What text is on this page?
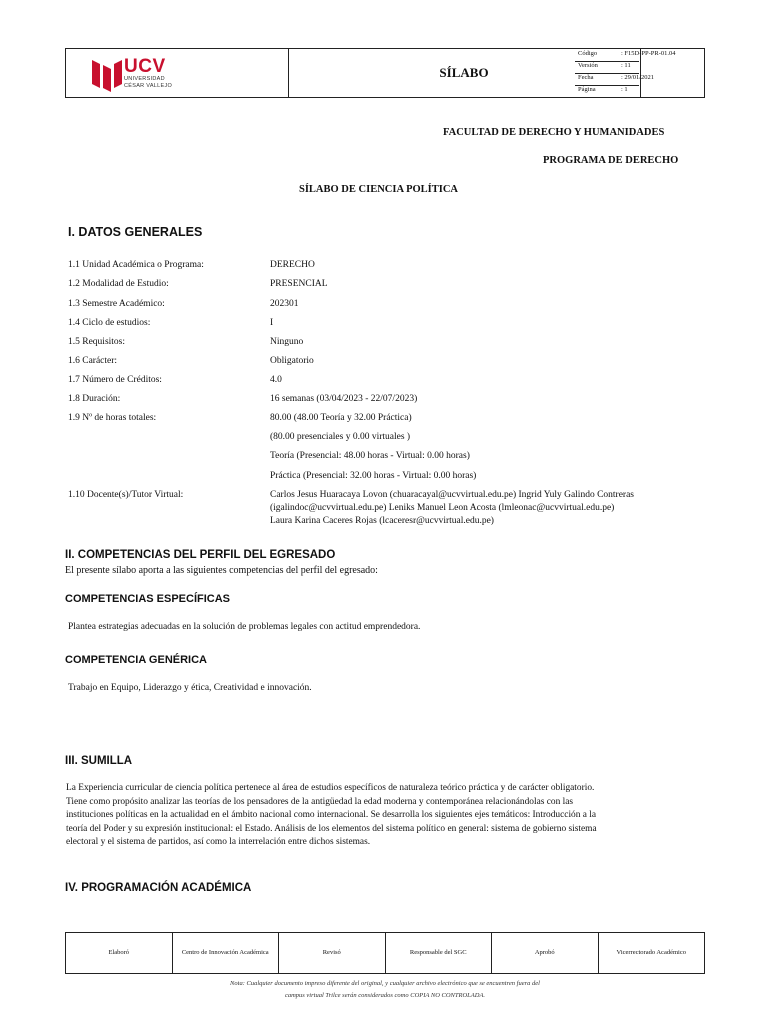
UCV
UNIVERSIDAD
CÉSAR VALLEJO
SÍLABO
Código	: F15D-PP-PR-01.04
Versión	: 11
Fecha	: 29/01/2021
Página	: 1
FACULTAD DE DERECHO Y HUMANIDADES
PROGRAMA DE DERECHO
SÍLABO DE CIENCIA POLÍTICA
I. DATOS GENERALES
1.1 Unidad Académica o Programa:	DERECHO
1.2 Modalidad de Estudio:	PRESENCIAL
1.3 Semestre Académico:	202301
1.4 Ciclo de estudios:	I
1.5 Requisitos:	Ninguno
1.6 Carácter:	Obligatorio
1.7 Número de Créditos:	4.0
1.8 Duración:	16 semanas (03/04/2023 - 22/07/2023)
1.9 Nº de horas totales:	80.00 (48.00 Teoría y 32.00 Práctica)
(80.00 presenciales y 0.00 virtuales )
Teoría (Presencial: 48.00 horas - Virtual: 0.00 horas)
Práctica (Presencial: 32.00 horas - Virtual: 0.00 horas)
1.10 Docente(s)/Tutor Virtual:	Carlos Jesus Huaracaya Lovon (chuaracayal@ucvvirtual.edu.pe) Ingrid Yuly Galindo Contreras
(igalindoc@ucvvirtual.edu.pe) Leniks Manuel Leon Acosta (lmleonac@ucvvirtual.edu.pe)
Laura Karina Caceres Rojas (lcaceresr@ucvvirtual.edu.pe)
II. COMPETENCIAS DEL PERFIL DEL EGRESADO
El presente sílabo aporta a las siguientes competencias del perfil del egresado:
COMPETENCIAS ESPECÍFICAS
Plantea estrategias adecuadas en la solución de problemas legales con actitud emprendedora.
COMPETENCIA GENÉRICA
Trabajo en Equipo, Liderazgo y ética, Creatividad e innovación.
III. SUMILLA
La Experiencia curricular de ciencia política pertenece al área de estudios específicos de naturaleza teórico práctica y de carácter obligatorio.
Tiene como propósito analizar las teorías de los pensadores de la antigüedad la edad moderna y contemporánea relacionándolas con las
instituciones políticas en la actualidad en el ámbito nacional como internacional. Se desarrolla los siguientes ejes temáticos: Introducción a la
teoría del Poder y su expresión institucional: el Estado. Análisis de los elementos del sistema político en general: sistema de gobierno sistema
electoral y el sistema de partidos, así como la interrelación entre dichos sistemas.
IV. PROGRAMACIÓN ACADÉMICA
Elaboró	Centro de Innovación Académica	Revisó	Responsable del SGC	Aprobó	Vicerrectorado Académico
Nota: Cualquier documento impreso diferente del original, y cualquier archivo electrónico que se encuentren fuera del
campus virtual Trilce serán considerados como COPIA NO CONTROLADA.
